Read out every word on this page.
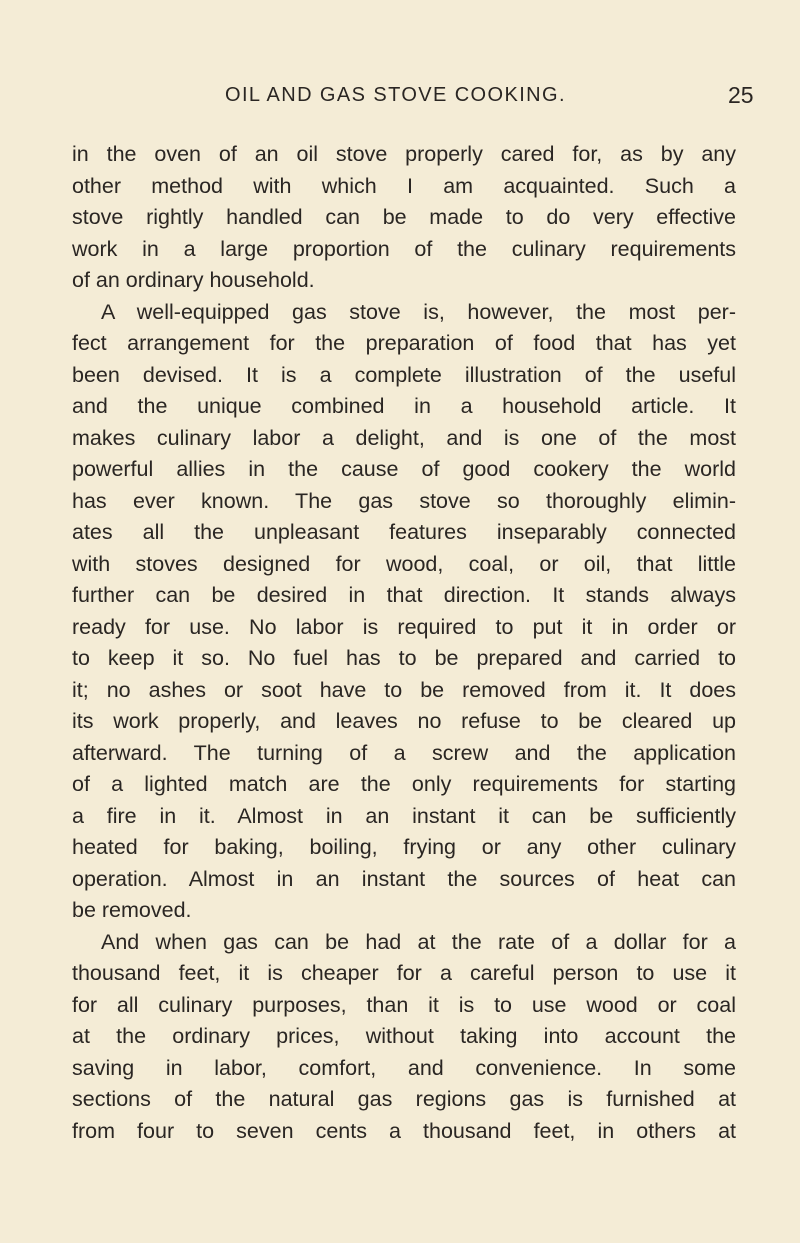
OIL AND GAS STOVE COOKING.	25
in the oven of an oil stove properly cared for, as by any
other method with which I am acquainted. Such a
stove rightly handled can be made to do very effective
work in a large proportion of the culinary requirements
of an ordinary household.
A well-equipped gas stove is, however, the most per-
fect arrangement for the preparation of food that has yet
been devised. It is a complete illustration of the useful
and the unique combined in a household article. It
makes culinary labor a delight, and is one of the most
powerful allies in the cause of good cookery the world
has ever known. The gas stove so thoroughly elimin-
ates all the unpleasant features inseparably connected
with stoves designed for wood, coal, or oil, that little
further can be desired in that direction. It stands always
ready for use. No labor is required to put it in order or
to keep it so. No fuel has to be prepared and carried to
it; no ashes or soot have to be removed from it. It does
its work properly, and leaves no refuse to be cleared up
afterward. The turning of a screw and the application
of a lighted match are the only requirements for starting
a fire in it. Almost in an instant it can be sufficiently
heated for baking, boiling, frying or any other culinary
operation. Almost in an instant the sources of heat can
be removed.
And when gas can be had at the rate of a dollar for a
thousand feet, it is cheaper for a careful person to use it
for all culinary purposes, than it is to use wood or coal
at the ordinary prices, without taking into account the
saving in labor, comfort, and convenience. In some
sections of the natural gas regions gas is furnished at
from four to seven cents a thousand feet, in others at
